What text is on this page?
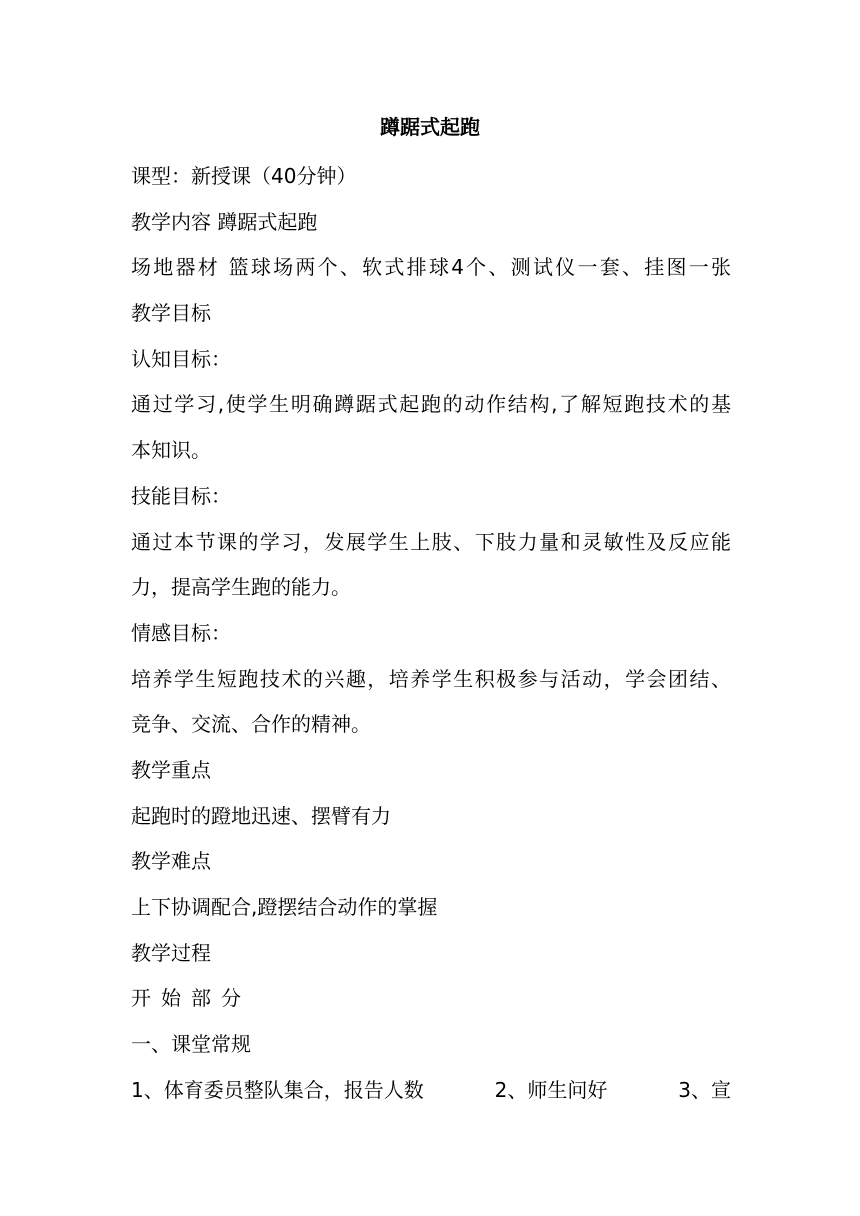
蹲踞式起跑
课型：新授课（40分钟）
教学内容 蹲踞式起跑
场地器材 篮球场两个、软式排球4个、测试仪一套、挂图一张
教学目标
认知目标：
通过学习,使学生明确蹲踞式起跑的动作结构,了解短跑技术的基
本知识。
技能目标：
通过本节课的学习，发展学生上肢、下肢力量和灵敏性及反应能
力，提高学生跑的能力。
情感目标：
培养学生短跑技术的兴趣，培养学生积极参与活动，学会团结、
竞争、交流、合作的精神。
教学重点
起跑时的蹬地迅速、摆臂有力
教学难点
上下协调配合,蹬摆结合动作的掌握
教学过程
开始部分
一、课堂常规
1、体育委员整队集合，报告人数	2、师生问好	3、宣
